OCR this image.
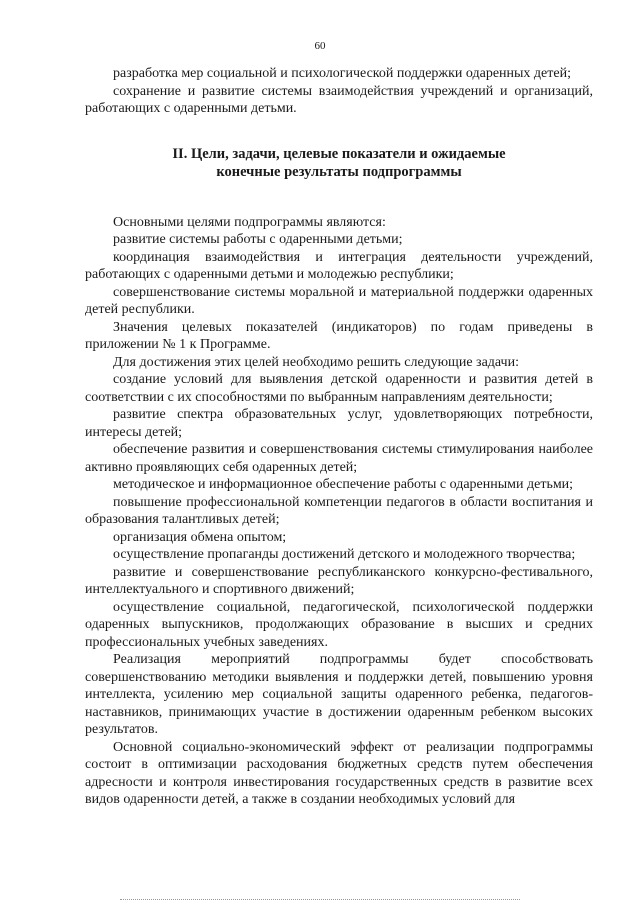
60

разработка мер социальной и психологической поддержки одаренных детей;

сохранение и развитие системы взаимодействия учреждений и организаций, работающих с одаренными детьми.

II. Цели, задачи, целевые показатели и ожидаемые
конечные результаты подпрограммы

Основными целями подпрограммы являются:

развитие системы работы с одаренными детьми;

координация взаимодействия и интеграция деятельности учреждений, работающих с одаренными детьми и молодежью республики;

совершенствование системы моральной и материальной поддержки одаренных детей республики.

Значения целевых показателей (индикаторов) по годам приведены в приложении № 1 к Программе.

Для достижения этих целей необходимо решить следующие задачи:

создание условий для выявления детской одаренности и развития детей в соответствии с их способностями по выбранным направлениям деятельности;

развитие спектра образовательных услуг, удовлетворяющих потребности, интересы детей;

обеспечение развития и совершенствования системы стимулирования наиболее активно проявляющих себя одаренных детей;

методическое и информационное обеспечение работы с одаренными детьми;

повышение профессиональной компетенции педагогов в области воспитания и образования талантливых детей;

организация обмена опытом;

осуществление пропаганды достижений детского и молодежного творчества;

развитие и совершенствование республиканского конкурсно-фестивального, интеллектуального и спортивного движений;

осуществление социальной, педагогической, психологической поддержки одаренных выпускников, продолжающих образование в высших и средних профессиональных учебных заведениях.

Реализация мероприятий подпрограммы будет способствовать совершенствованию методики выявления и поддержки детей, повышению уровня интеллекта, усилению мер социальной защиты одаренного ребенка, педагогов-наставников, принимающих участие в достижении одаренным ребенком высоких результатов.

Основной социально-экономический эффект от реализации подпрограммы состоит в оптимизации расходования бюджетных средств путем обеспечения адресности и контроля инвестирования государственных средств в развитие всех видов одаренности детей, а также в создании необходимых условий для
